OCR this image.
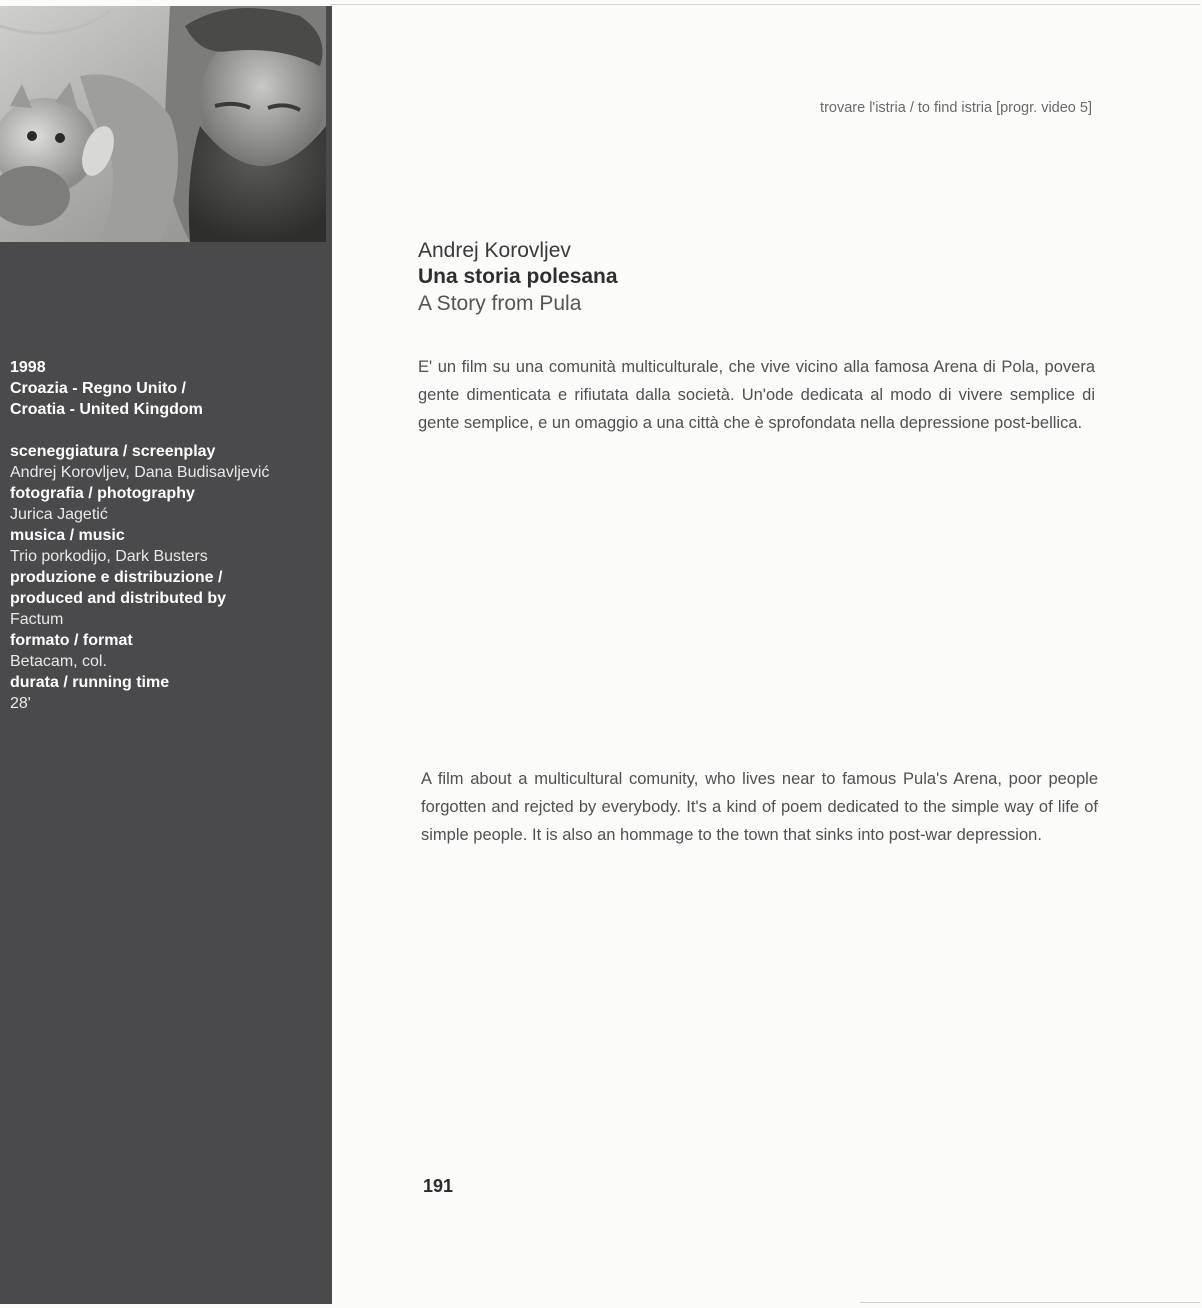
1998
Croazia - Regno Unito /
Croatia - United Kingdom
sceneggiatura / screenplay
Andrej Korovljev, Dana Budisavljević
fotografia / photography
Jurica Jagetić
musica / music
Trio porkodijo, Dark Busters
produzione e distribuzione /
produced and distributed by
Factum
formato / format
Betacam, col.
durata / running time
28'
trovare l'istria / to find istria [progr. video 5]
Andrej Korovljev
Una storia polesana
A Story from Pula
E' un film su una comunità multiculturale, che vive vicino alla famosa Arena di Pola, povera gente dimenticata e rifiutata dalla società. Un'ode dedicata al modo di vivere semplice di gente semplice, e un omaggio a una città che è sprofondata nella depressione post-bellica.
A film about a multicultural comunity, who lives near to famous Pula's Arena, poor people forgotten and rejcted by everybody. It's a kind of poem dedicated to the simple way of life of simple people. It is also an hommage to the town that sinks into post-war depression.
191
